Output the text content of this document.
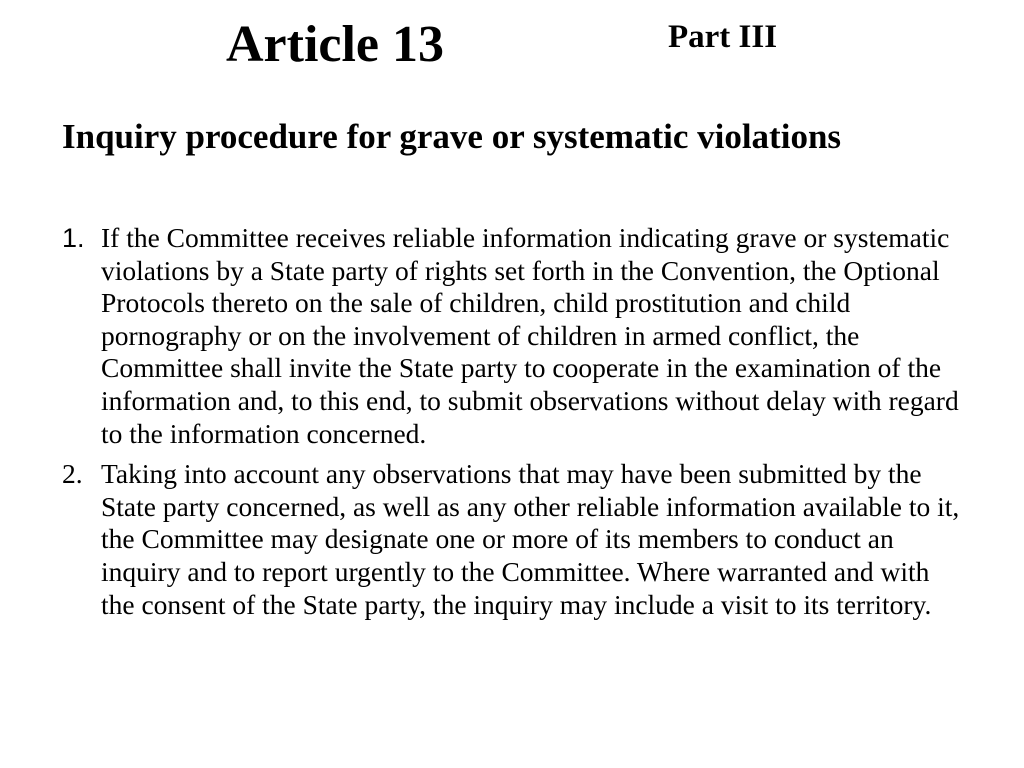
Article 13	Part III
Inquiry procedure for grave or systematic violations
1. If the Committee receives reliable information indicating grave or systematic violations by a State party of rights set forth in the Convention, the Optional Protocols thereto on the sale of children, child prostitution and child pornography or on the involvement of children in armed conflict, the Committee shall invite the State party to cooperate in the examination of the information and, to this end, to submit observations without delay with regard to the information concerned.
2. Taking into account any observations that may have been submitted by the State party concerned, as well as any other reliable information available to it, the Committee may designate one or more of its members to conduct an inquiry and to report urgently to the Committee. Where warranted and with the consent of the State party, the inquiry may include a visit to its territory.
